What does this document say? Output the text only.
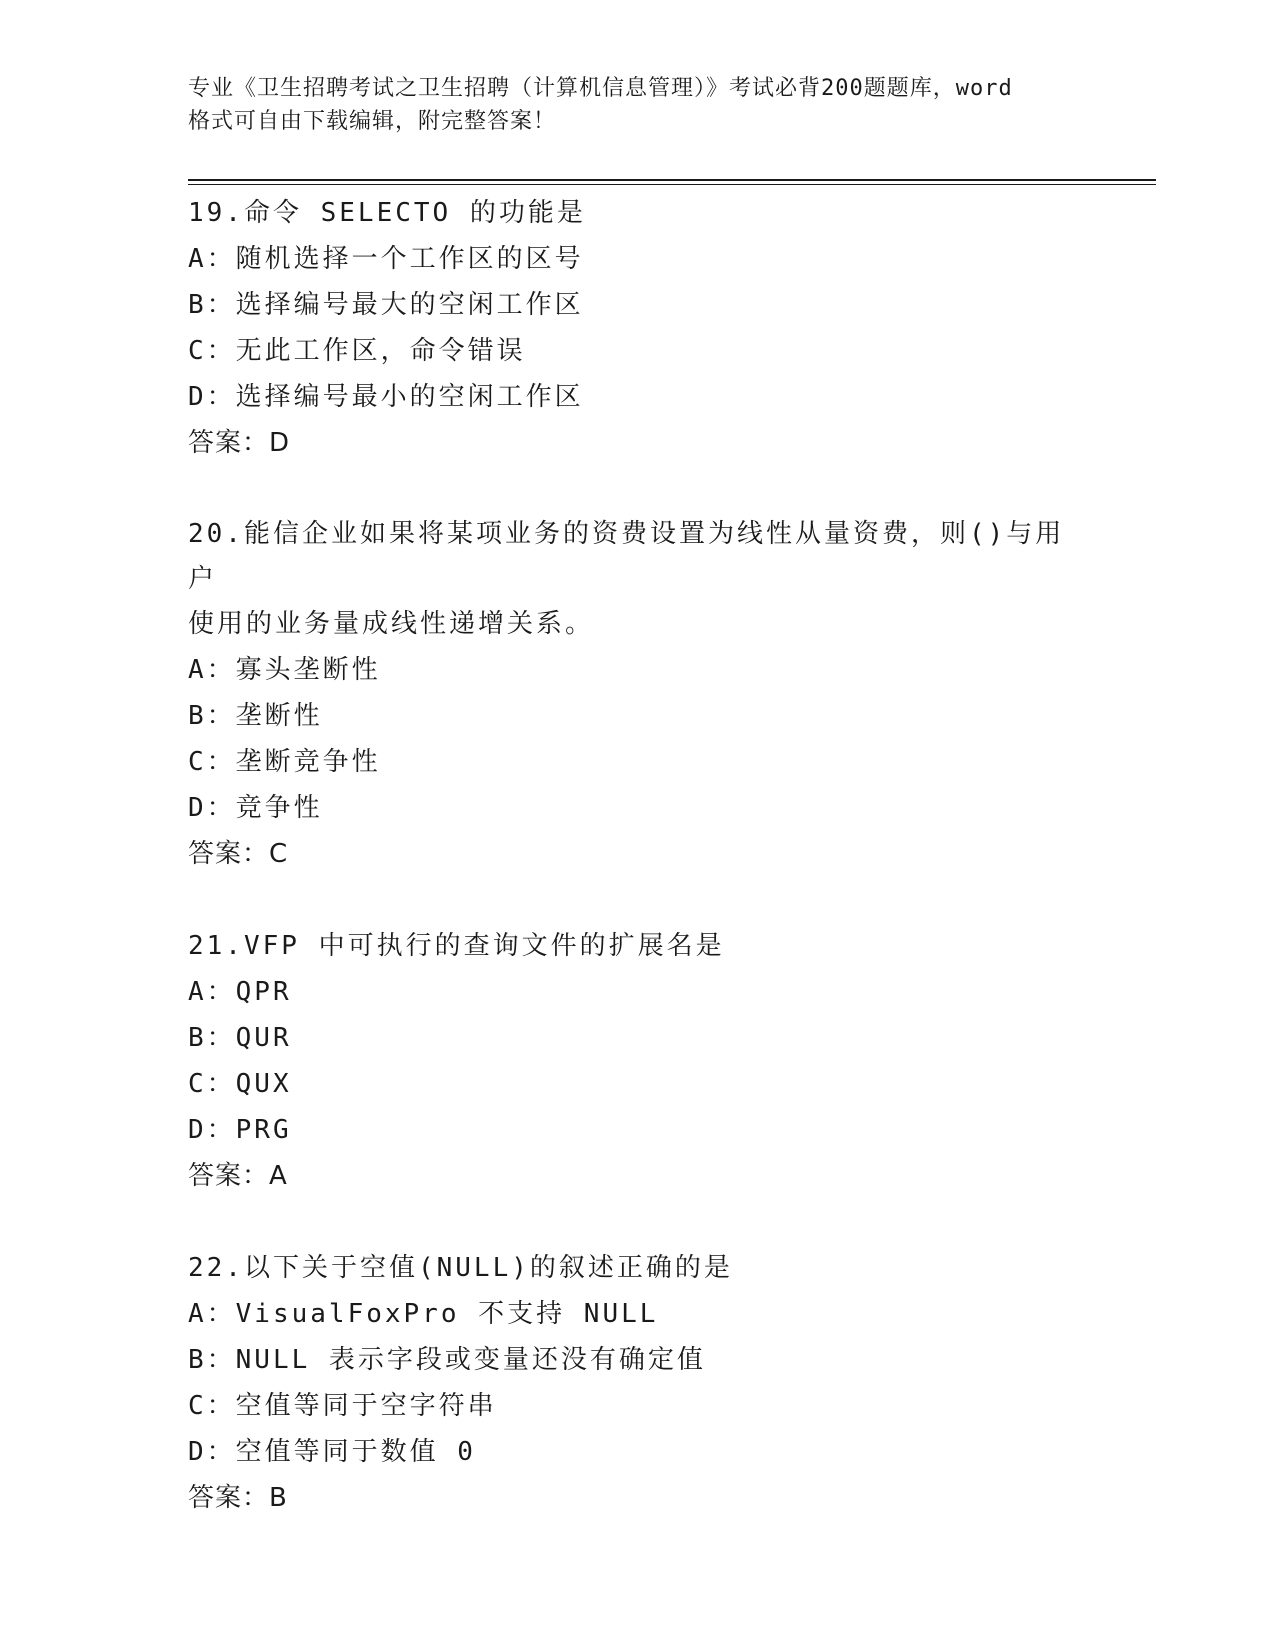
专业《卫生招聘考试之卫生招聘（计算机信息管理）》考试必背200题题库，word
格式可自由下载编辑，附完整答案！
19.命令 SELECTO 的功能是
A：随机选择一个工作区的区号
B：选择编号最大的空闲工作区
C：无此工作区，命令错误
D：选择编号最小的空闲工作区
答案：D
20.能信企业如果将某项业务的资费设置为线性从量资费，则()与用户
使用的业务量成线性递增关系。
A：寡头垄断性
B：垄断性
C：垄断竞争性
D：竞争性
答案：C
21.VFP 中可执行的查询文件的扩展名是
A：QPR
B：QUR
C：QUX
D：PRG
答案：A
22.以下关于空值(NULL)的叙述正确的是
A：VisualFoxPro 不支持 NULL
B：NULL 表示字段或变量还没有确定值
C：空值等同于空字符串
D：空值等同于数值 0
答案：B
